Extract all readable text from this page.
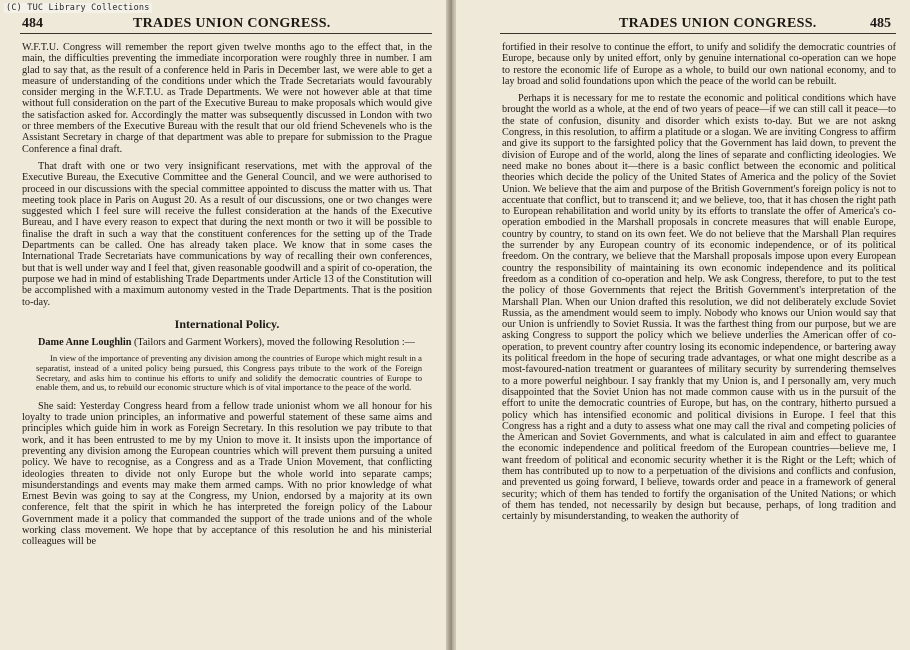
(C) TUC Library Collections
484	TRADES UNION CONGRESS.

W.F.T.U. Congress will remember the report given twelve months ago to the effect that, in the main, the difficulties preventing the immediate incorporation were roughly three in number. I am glad to say that, as the result of a conference held in Paris in December last, we were able to get a measure of understanding of the conditions under which the Trade Secretariats would favourably consider merging in the W.F.T.U. as Trade Departments. We were not however able at that time without full consideration on the part of the Executive Bureau to make proposals which would give the satisfaction asked for. Accordingly the matter was subsequently discussed in London with two or three members of the Executive Bureau with the result that our old friend Schevenels who is the Assistant Secretary in charge of that department was able to prepare for submission to the Prague Conference a final draft.

That draft with one or two very insignificant reservations, met with the approval of the Executive Bureau, the Executive Committee and the General Council, and we were authorised to proceed in our discussions with the special committee appointed to discuss the matter with us. That meeting took place in Paris on August 20. As a result of our discussions, one or two changes were suggested which I feel sure will receive the fullest consideration at the hands of the Executive Bureau, and I have every reason to expect that during the next month or two it will be possible to finalise the draft in such a way that the constituent conferences for the setting up of the Trade Departments can be called. One has already taken place. We know that in some cases the International Trade Secretariats have communications by way of recalling their own conferences, but that is well under way and I feel that, given reasonable goodwill and a spirit of co-operation, the purpose we had in mind of establishing Trade Departments under Article 13 of the Constitution will be accomplished with a maximum autonomy vested in the Trade Departments. That is the position to-day.

International Policy.

Dame Anne Loughlin (Tailors and Garment Workers), moved the following Resolution :—

In view of the importance of preventing any division among the countries of Europe which might result in a separatist, instead of a united policy being pursued, this Congress pays tribute to the work of the Foreign Secretary, and asks him to continue his efforts to unify and solidify the democratic countries of Europe to enable them, and us, to rebuild our economic structure which is of vital importance to the peace of the world.

She said: Yesterday Congress heard from a fellow trade unionist whom we all honour for his loyalty to trade union principles, an informative and powerful statement of these same aims and principles which guide him in work as Foreign Secretary. In this resolution we pay tribute to that work, and it has been entrusted to me by my Union to move it. It insists upon the importance of preventing any division among the European countries which will prevent them pursuing a united policy. We have to recognise, as a Congress and as a Trade Union Movement, that conflicting ideologies threaten to divide not only Europe but the whole world into separate camps; misunderstandings and events may make them armed camps. With no prior knowledge of what Ernest Bevin was going to say at the Congress, my Union, endorsed by a majority at its own conference, felt that the spirit in which he has interpreted the foreign policy of the Labour Government made it a policy that commanded the support of the trade unions and of the whole working class movement. We hope that by acceptance of this resolution he and his ministerial colleagues will be

TRADES UNION CONGRESS.	485

fortified in their resolve to continue the effort, to unify and solidify the democratic countries of Europe, because only by united effort, only by genuine international co-operation can we hope to restore the economic life of Europe as a whole, to build our own national economy, and to lay broad and solid foundations upon which the peace of the world can be rebuilt.

Perhaps it is necessary for me to restate the economic and political conditions which have brought the world as a whole, at the end of two years of peace—if we can still call it peace—to the state of confusion, disunity and disorder which exists to-day. But we are not askng Congress, in this resolution, to affirm a platitude or a slogan. We are inviting Congress to affirm and give its support to the farsighted policy that the Government has laid down, to prevent the division of Europe and of the world, along the lines of separate and conflicting ideologies. We need make no bones about it—there is a basic conflict between the economic and political theories which decide the policy of the United States of America and the policy of the Soviet Union. We believe that the aim and purpose of the British Government's foreign policy is not to accentuate that conflict, but to transcend it; and we believe, too, that it has chosen the right path to European rehabilitation and world unity by its efforts to translate the offer of America's co-operation embodied in the Marshall proposals in concrete measures that will enable Europe, country by country, to stand on its own feet. We do not believe that the Marshall Plan requires the surrender by any European country of its economic independence, or of its political freedom. On the contrary, we believe that the Marshall proposals impose upon every European country the responsibility of maintaining its own economic independence and its political freedom as a condition of co-operation and help. We ask Congress, therefore, to put to the test the policy of those Governments that reject the British Government's interpretation of the Marshall Plan. When our Union drafted this resolution, we did not deliberately exclude Soviet Russia, as the amendment would seem to imply. Nobody who knows our Union would say that our Union is unfriendly to Soviet Russia. It was the farthest thing from our purpose, but we are asking Congress to support the policy which we believe underlies the American offer of co-operation, to prevent country after country losing its economic independence, or bartering away its political freedom in the hope of securing trade advantages, or what one might describe as a most-favoured-nation treatment or guarantees of military security by surrendering themselves to a more powerful neighbour. I say frankly that my Union is, and I personally am, very much disappointed that the Soviet Union has not made common cause with us in the pursuit of the effort to unite the democratic countries of Europe, but has, on the contrary, hitherto pursued a policy which has intensified economic and political divisions in Europe. I feel that this Congress has a right and a duty to assess what one may call the rival and competing policies of the American and Soviet Governments, and what is calculated in aim and effect to guarantee the economic independence and political freedom of the European countries—believe me, I want freedom of political and economic security whether it is the Right or the Left; which of them has contributed up to now to a perpetuation of the divisions and conflicts and confusion, and prevented us going forward, I believe, towards order and peace in a framework of general security; which of them has tended to fortify the organisation of the United Nations; or which of them has tended, not necessarily by design but because, perhaps, of long tradition and certainly by misunderstanding, to weaken the authority of
